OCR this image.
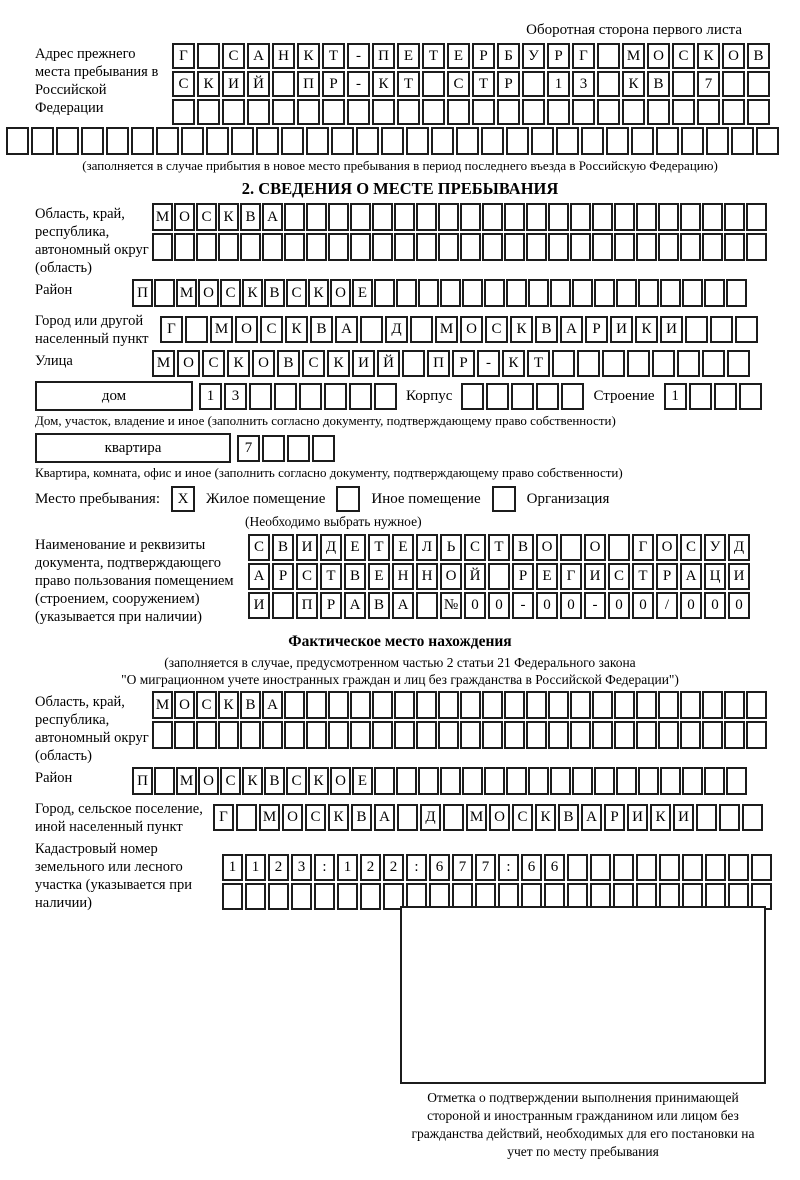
Оборотная сторона первого листа
Адрес прежнего места пребывания в Российской Федерации
Г	С А Н К	Т	-	П Е	Т	Е	Р	Б	У	Р	Г	М О С К О В
С К И Й	П	Р	-	К	Т	С	Т	Р	1	3	К В	7
(заполняется в случае прибытия в новое место пребывания в период последнего въезда в Российскую Федерацию)
2. СВЕДЕНИЯ О МЕСТЕ ПРЕБЫВАНИЯ
Область, край, республика, автономный округ (область)
М О С К В А
Район	П	М О С К В С К О Е
Город или другой населенный пункт
Г	М О С К В А	Д	М О С К В А	Р	И К И
Улица	М О С К О В С К И Й	П	Р	-	К	Т
дом	1	3	Корпус	Строение	1
Дом, участок, владение и иное (заполнить согласно документу, подтверждающему право собственности)
квартира	7
Квартира, комната, офис и иное (заполнить согласно документу, подтверждающему право собственности)
Место пребывания:	X	Жилое помещение	Иное помещение	Организация
(Необходимо выбрать нужное)
Наименование и реквизиты документа, подтверждающего право пользования помещением (строением, сооружением) (указывается при наличии)
С В И Д Е Т Е Л Ь С Т В О	О	Г О С У Д
А Р С Т В Е Н Н О Й	Р	Е	Г И С Т	Р А Ц И
И	П Р А В А	№ 0	0	-	0	0	-	0	0	/	0	0	0
Фактическое место нахождения
(заполняется в случае, предусмотренном частью 2 статьи 21 Федерального закона
"О миграционном учете иностранных граждан и лиц без гражданства в Российской Федерации")
Область, край, республика, автономный округ (область)
М О С К В А
Район	П	М О С К В С К О Е
Город, сельское поселение, иной населенный пункт
Г	М О С К В А	Д	М О С К В А Р И К И
Кадастровый номер земельного или лесного участка (указывается при наличии)
1	1	2	3	:	1	2	2	:	6	7	7	:	6	6
Отметка о подтверждении выполнения принимающей стороной и иностранным гражданином или лицом без гражданства действий, необходимых для его постановки на учет по месту пребывания
